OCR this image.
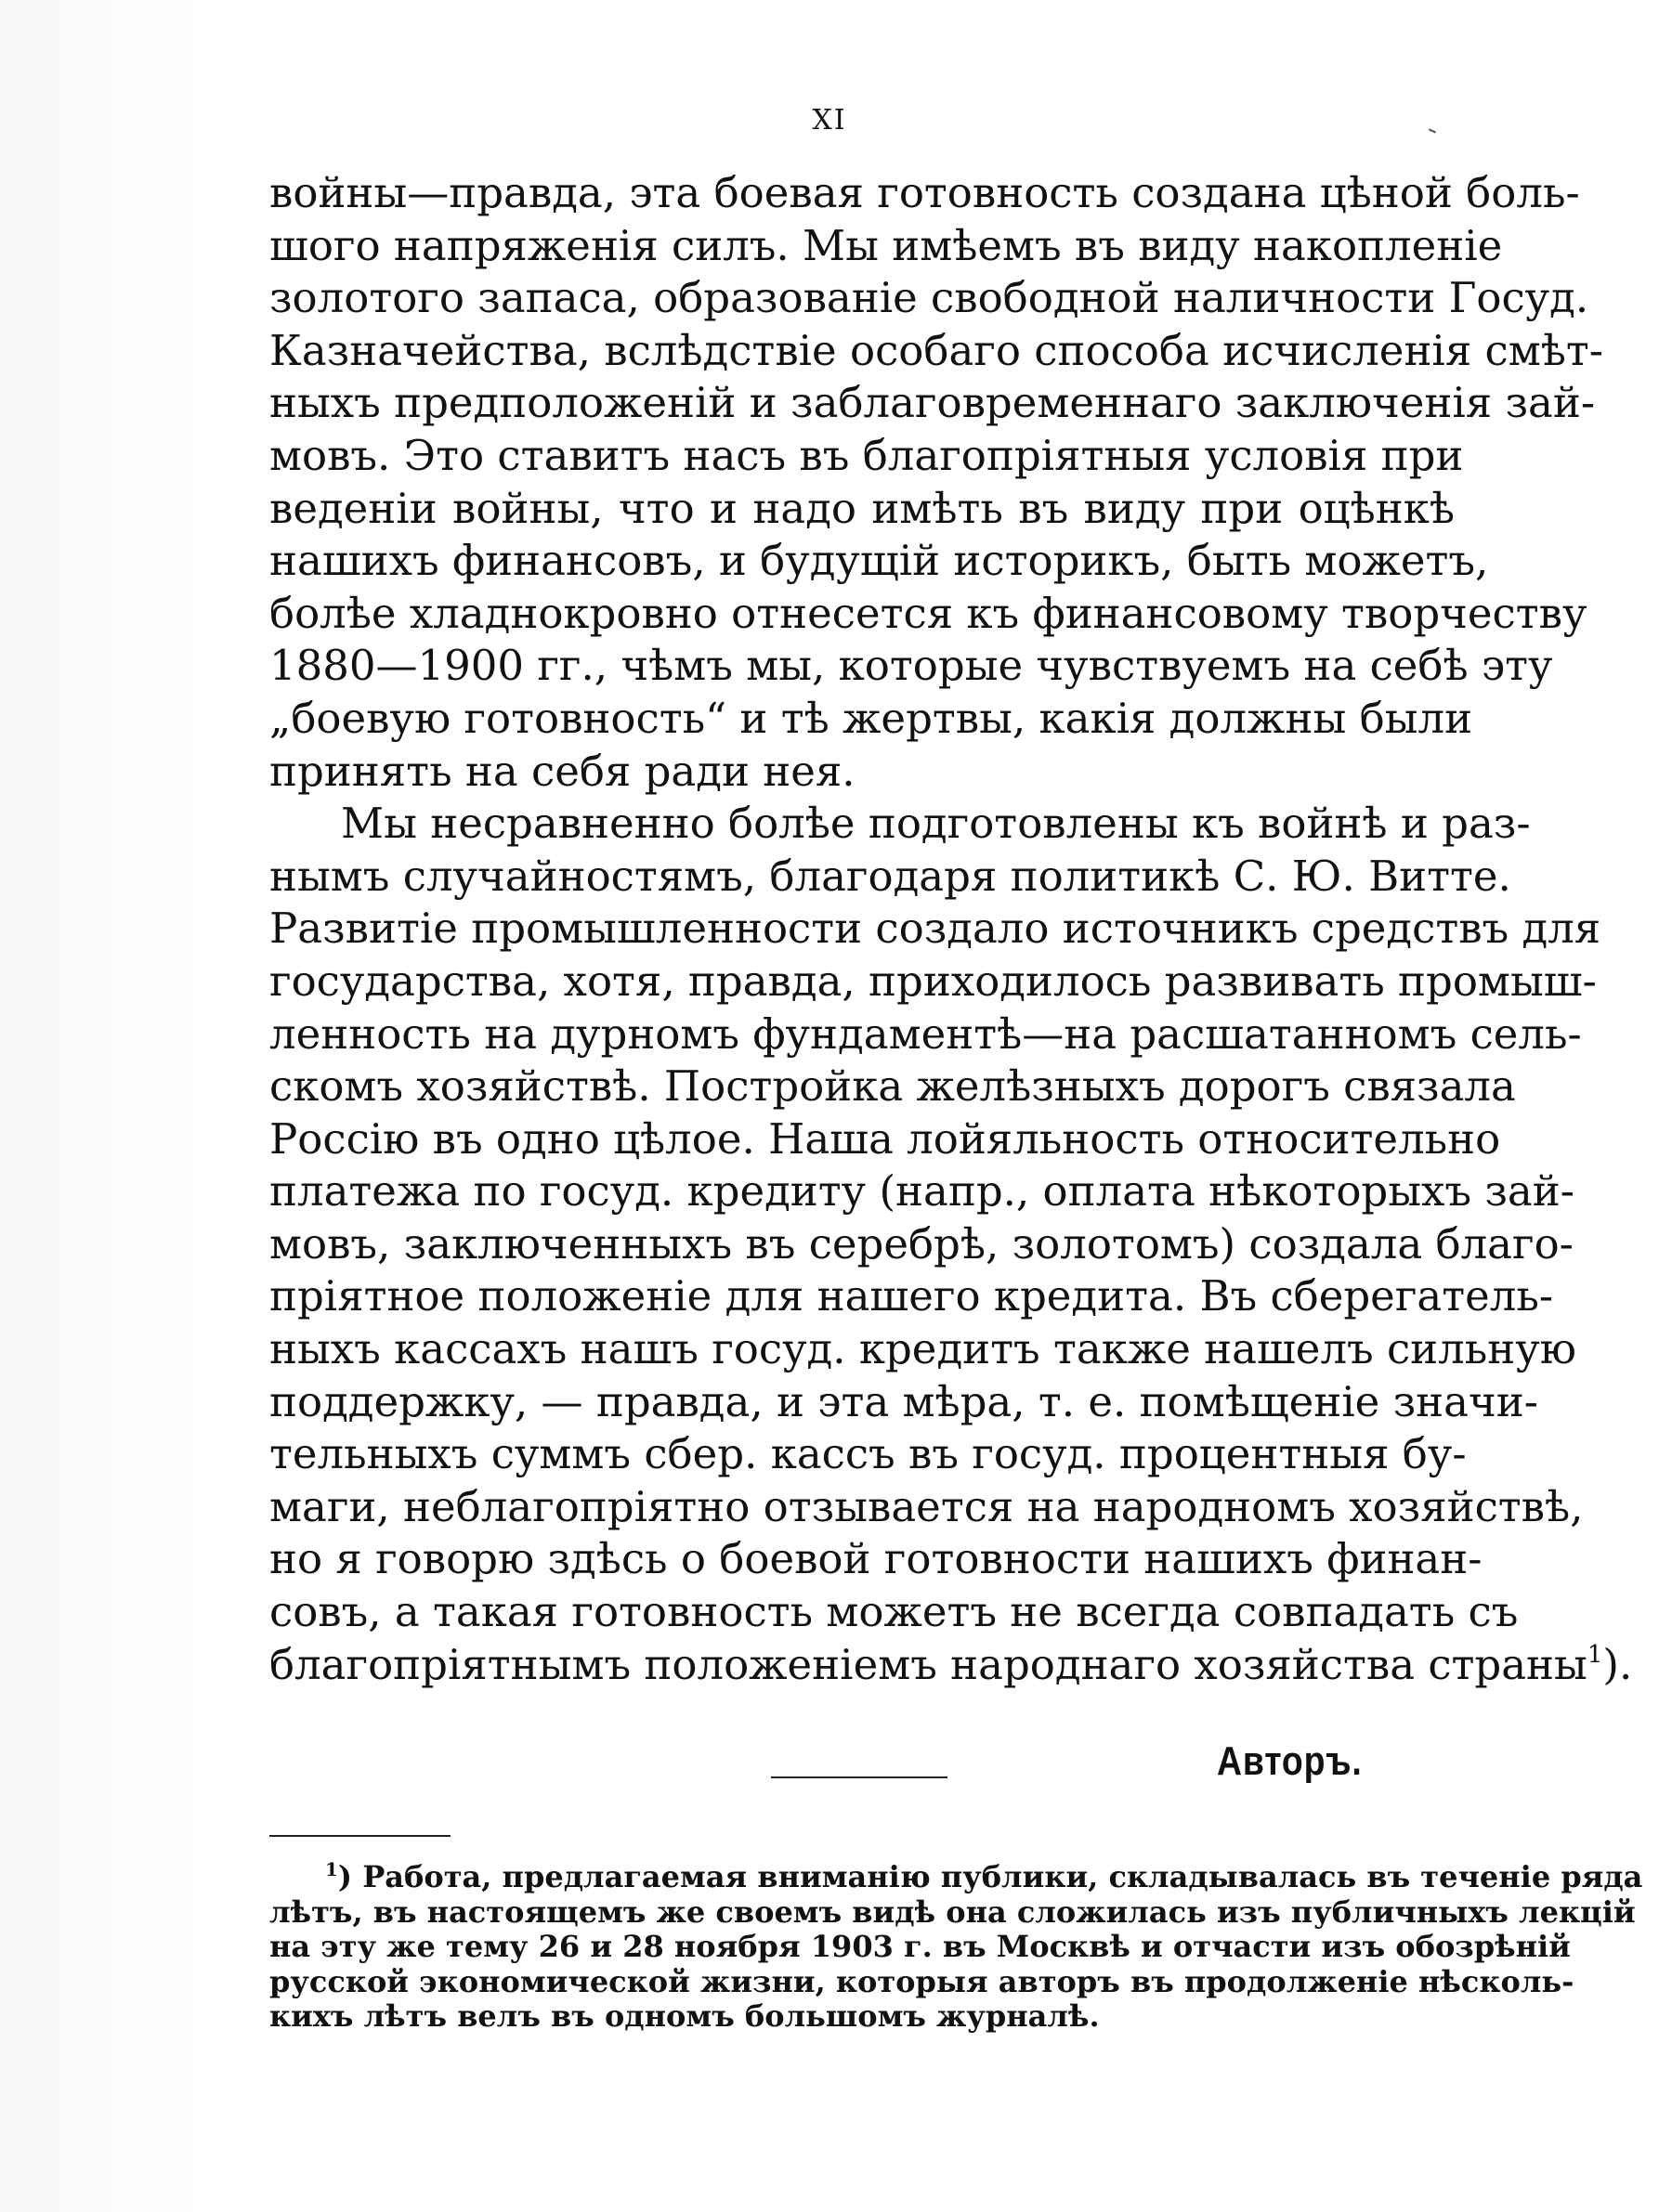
XI
войны—правда, эта боевая готовность создана цѣной боль-
шого напряженія силъ. Мы имѣемъ въ виду накопленіе
золотого запаса, образованіе свободной наличности Госуд.
Казначейства, вслѣдствіе особаго способа исчисленія смѣт-
ныхъ предположеній и заблаговременнаго заключенія зай-
мовъ. Это ставитъ насъ въ благопріятныя условія при
веденіи войны, что и надо имѣть въ виду при оцѣнкѣ
нашихъ финансовъ, и будущій историкъ, быть можетъ,
болѣе хладнокровно отнесется къ финансовому творчеству
1880—1900 гг., чѣмъ мы, которые чувствуемъ на себѣ эту
„боевую готовность“ и тѣ жертвы, какія должны были
принять на себя ради нея.
Мы несравненно болѣе подготовлены къ войнѣ и раз-
нымъ случайностямъ, благодаря политикѣ С. Ю. Витте.
Развитіе промышленности создало источникъ средствъ для
государства, хотя, правда, приходилось развивать промыш-
ленность на дурномъ фундаментѣ—на расшатанномъ сель-
скомъ хозяйствѣ. Постройка желѣзныхъ дорогъ связала
Россію въ одно цѣлое. Наша лойяльность относительно
платежа по госуд. кредиту (напр., оплата нѣкоторыхъ зай-
мовъ, заключенныхъ въ серебрѣ, золотомъ) создала благо-
пріятное положеніе для нашего кредита. Въ сберегатель-
ныхъ кассахъ нашъ госуд. кредитъ также нашелъ сильную
поддержку, — правда, и эта мѣра, т. е. помѣщеніе значи-
тельныхъ суммъ сбер. кассъ въ госуд. процентныя бу-
маги, неблагопріятно отзывается на народномъ хозяйствѣ,
но я говорю здѣсь о боевой готовности нашихъ финан-
совъ, а такая готовность можетъ не всегда совпадать съ
благопріятнымъ положеніемъ народнаго хозяйства страны$^1$).
Авторъ.
$^1$) Работа, предлагаемая вниманію публики, складывалась въ теченіе ряда
лѣтъ, въ настоящемъ же своемъ видѣ она сложилась изъ публичныхъ лекцій
на эту же тему 26 и 28 ноября 1903 г. въ Москвѣ и отчасти изъ обозрѣній
русской экономической жизни, которыя авторъ въ продолженіе нѣсколь-
кихъ лѣтъ велъ въ одномъ большомъ журналѣ.
